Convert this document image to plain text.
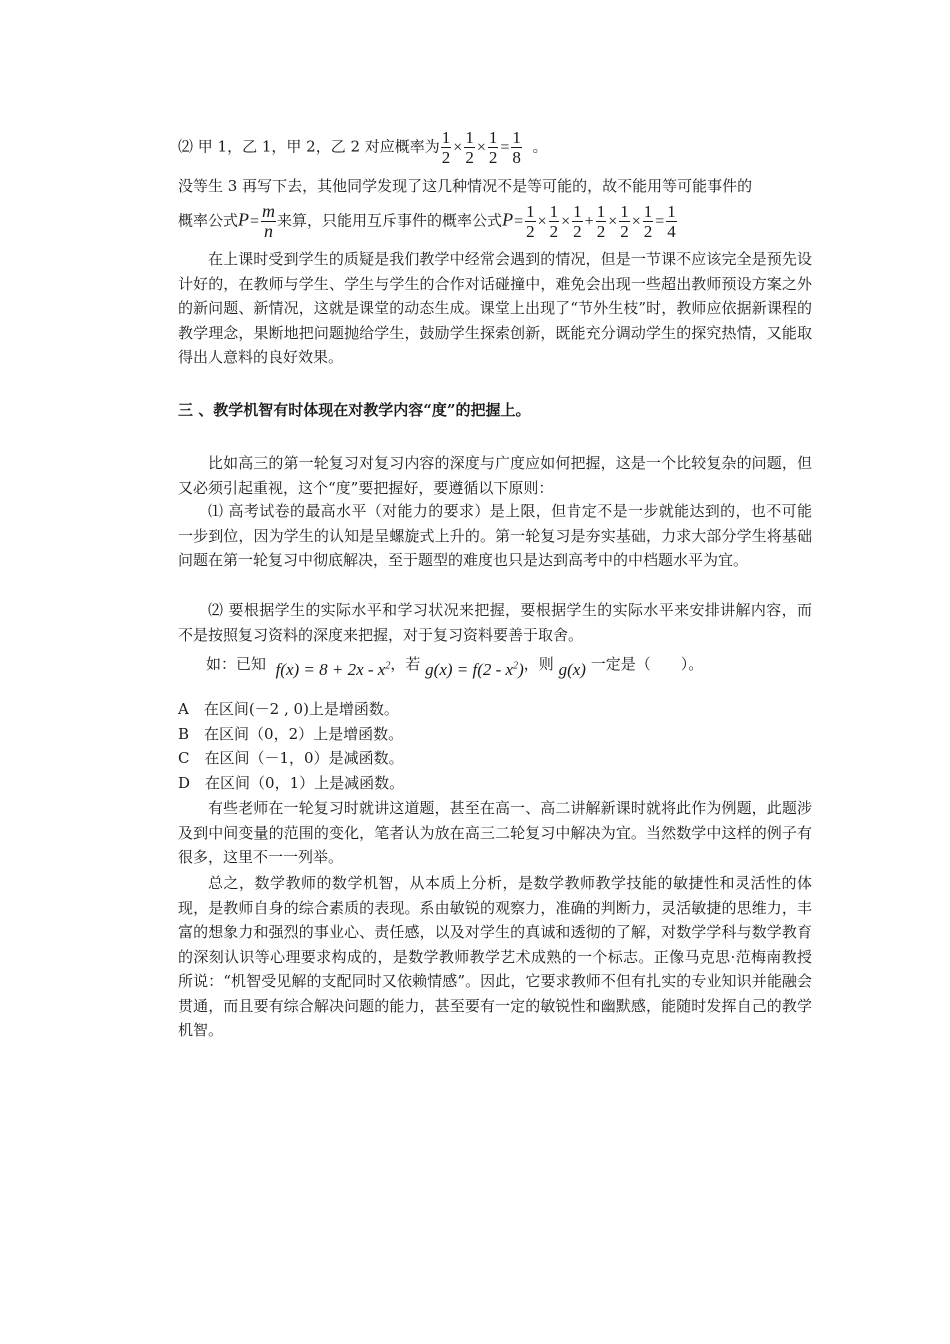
⑵ 甲 1，乙 1，甲 2，乙 2 对应概率为 $\frac{1}{2} \times \frac{1}{2} \times \frac{1}{2} = \frac{1}{8}$ 。
没等生 3 再写下去，其他同学发现了这几种情况不是等可能的，故不能用等可能事件的
概率公式$P= \frac{m}{n}$ 来算，只能用互斥事件的概率公式$P= \frac{1}{2} \times \frac{1}{2} \times \frac{1}{2} + \frac{1}{2} \times \frac{1}{2} \times \frac{1}{2} = \frac{1}{4}$
在上课时受到学生的质疑是我们教学中经常会遇到的情况，但是一节课不应该完全是预先设计好的，在教师与学生、学生与学生的合作对话碰撞中，难免会出现一些超出教师预设方案之外的新问题、新情况，这就是课堂的动态生成。课堂上出现了“节外生枝”时，教师应依据新课程的教学理念，果断地把问题抛给学生，鼓励学生探索创新，既能充分调动学生的探究热情，又能取得出人意料的良好效果。
三 、教学机智有时体现在对教学内容“度”的把握上。
比如高三的第一轮复习对复习内容的深度与广度应如何把握，这是一个比较复杂的问题，但又必须引起重视，这个“度”要把握好，要遵循以下原则：
⑴ 高考试卷的最高水平（对能力的要求）是上限，但肯定不是一步就能达到的，也不可能一步到位，因为学生的认知是呈螺旋式上升的。第一轮复习是夯实基础，力求大部分学生将基础问题在第一轮复习中彻底解决，至于题型的难度也只是达到高考中的中档题水平为宜。
⑵ 要根据学生的实际水平和学习状况来把握，要根据学生的实际水平来安排讲解内容，而不是按照复习资料的深度来把握，对于复习资料要善于取舍。
如：已知 $f(x) = 8 + 2x - x^2$，若 $g(x) = f(2 - x^2)$，则 g(x) 一定是（　　）。
A　在区间(－2 , 0)上是增函数。
B　在区间（0，2）上是增函数。
C　在区间（－1，0）是减函数。
D　在区间（0，1）上是减函数。
有些老师在一轮复习时就讲这道题，甚至在高一、高二讲解新课时就将此作为例题，此题涉及到中间变量的范围的变化，笔者认为放在高三二轮复习中解决为宜。当然数学中这样的例子有很多，这里不一一列举。
总之，数学教师的数学机智，从本质上分析，是数学教师教学技能的敏捷性和灵活性的体现，是教师自身的综合素质的表现。系由敏锐的观察力，准确的判断力，灵活敏捷的思维力，丰富的想象力和强烈的事业心、责任感，以及对学生的真诚和透彻的了解，对数学学科与数学教育的深刻认识等心理要求构成的，是数学教师教学艺术成熟的一个标志。正像马克思·范梅南教授所说：“机智受见解的支配同时又依赖情感”。因此，它要求教师不但有扎实的专业知识并能融会贯通，而且要有综合解决问题的能力，甚至要有一定的敏锐性和幽默感，能随时发挥自己的教学机智。
